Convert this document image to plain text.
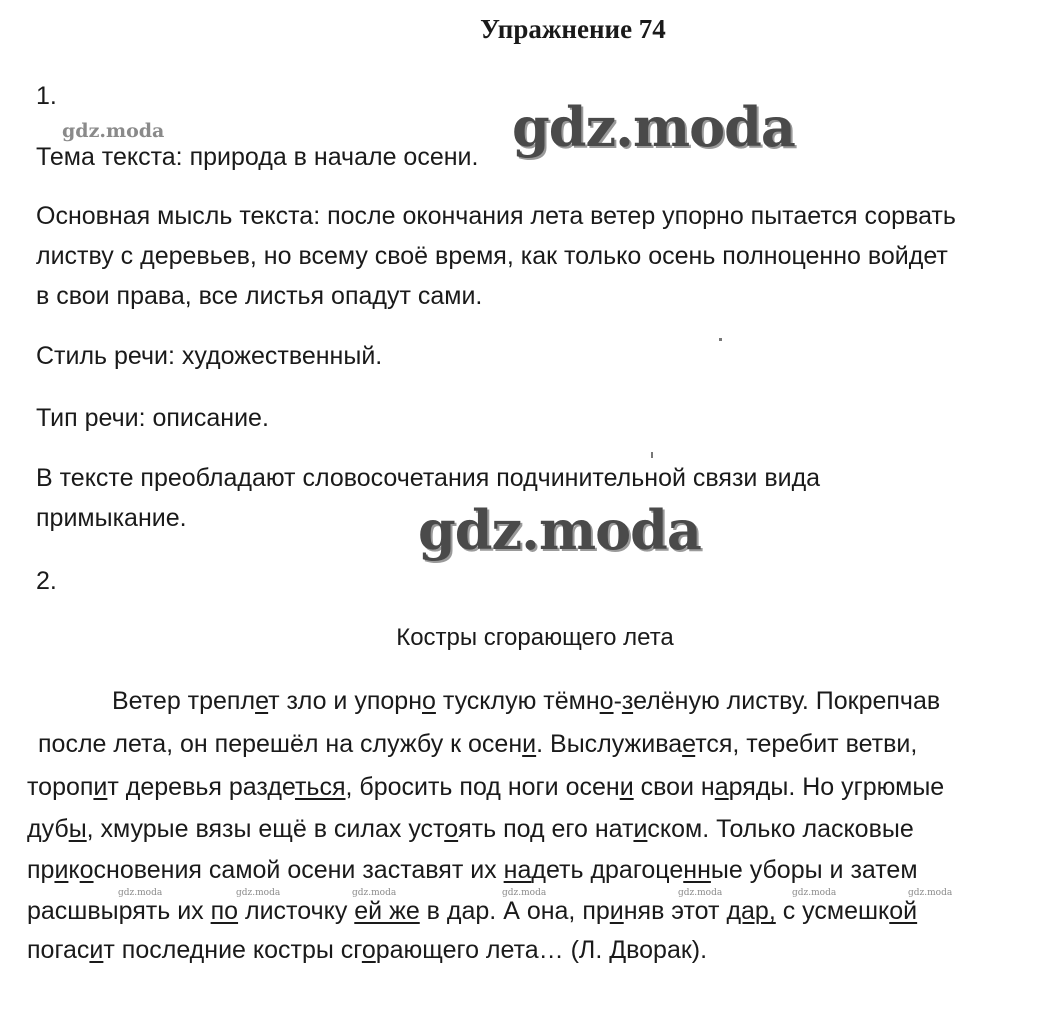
Упражнение 74
gdz.moda	gdz.moda
gdz.moda
1.
Тема текста: природа в начале осени.
Основная мысль текста: после окончания лета ветер упорно пытается сорвать
листву с деревьев, но всему своё время, как только осень полноценно войдет
в свои права, все листья опадут сами.
Стиль речи: художественный.
Тип речи: описание.
В тексте преобладают словосочетания подчинительной связи вида
примыкание.
2.
Костры сгорающего лета
Ветер треплет зло и упорно тусклую тёмно-зелёную листву. Покрепчав
после лета, он перешёл на службу к осени. Выслуживается, теребит ветви,
торопит деревья раздеться, бросить под ноги осени свои наряды. Но угрюмые
дубы, хмурые вязы ещё в силах устоять под его натиском. Только ласковые
прикосновения самой осени заставят их надеть драгоценные уборы и затем
расшвырять их по листочку ей же в дар. А она, приняв этот дар, с усмешкой
погасит последние костры сгорающего лета… (Л. Дворак).
gdz.moda	gdz.moda	gdz.moda	gdz.moda	gdz.moda	gdz.moda	gdz.moda
